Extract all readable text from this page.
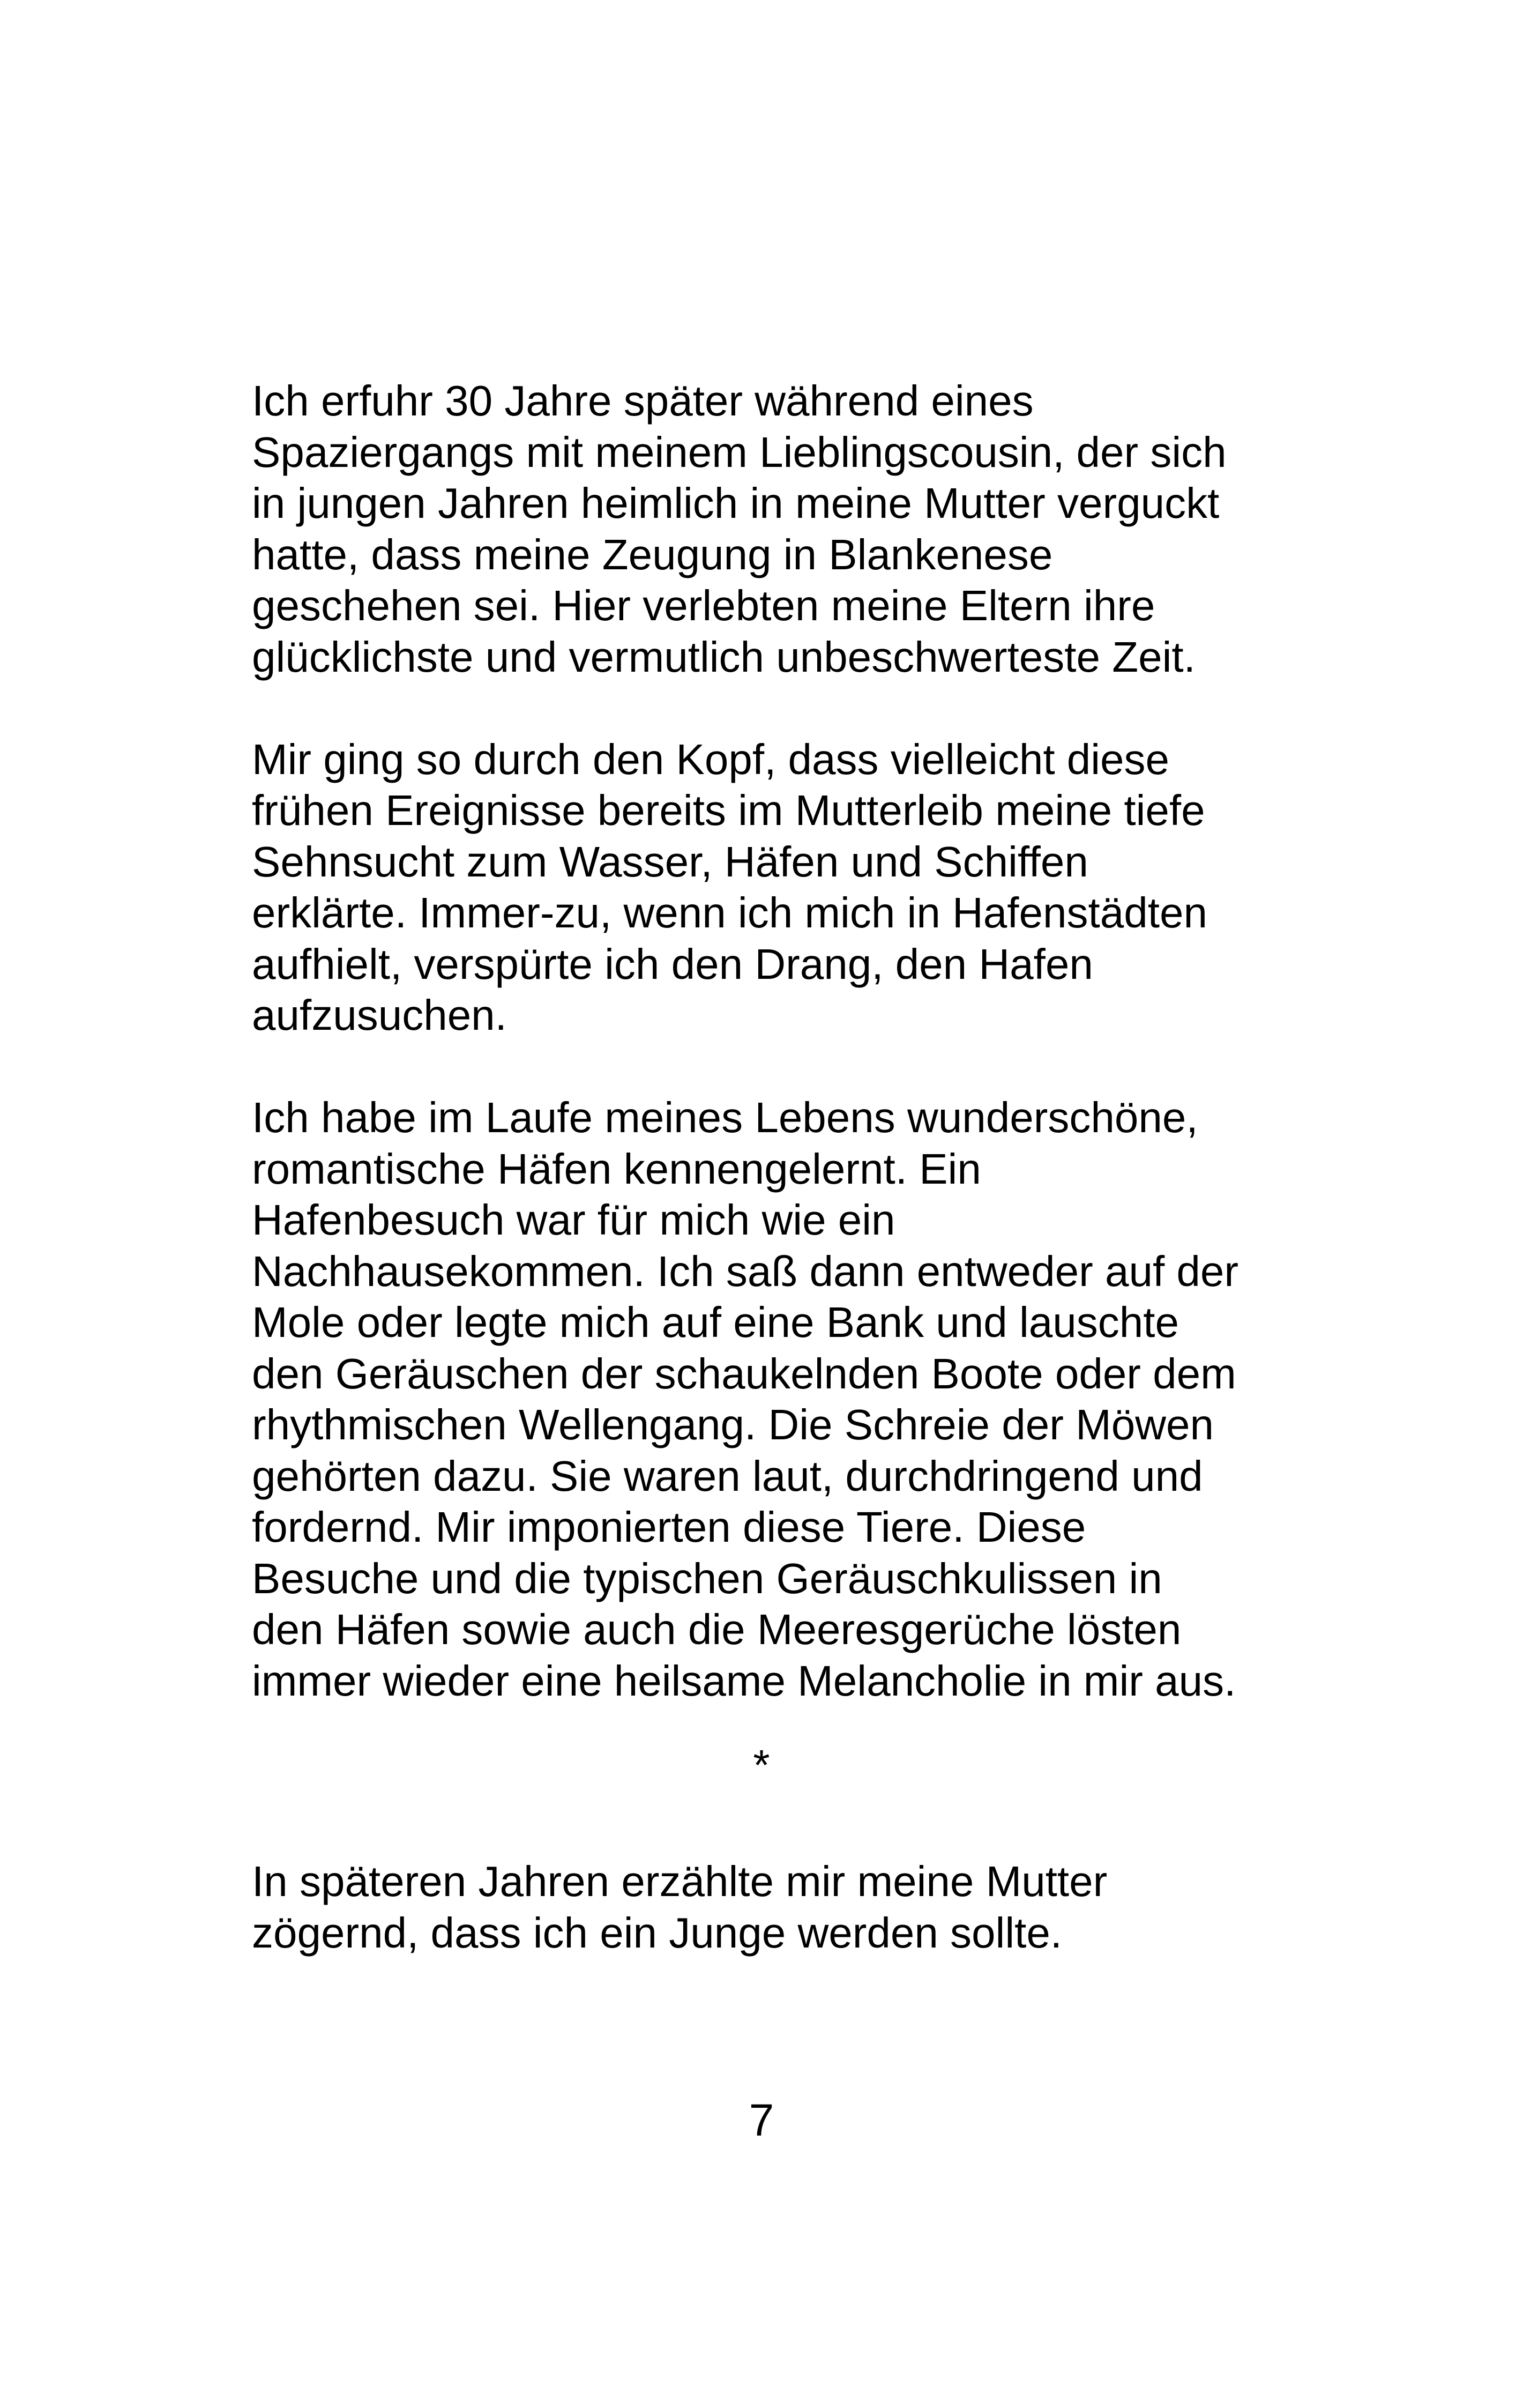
Ich erfuhr 30 Jahre später während eines
Spaziergangs mit meinem Lieblingscousin, der sich
in jungen Jahren heimlich in meine Mutter verguckt
hatte, dass meine Zeugung in Blankenese
geschehen sei. Hier verlebten meine Eltern ihre
glücklichste und vermutlich unbeschwerteste Zeit.

Mir ging so durch den Kopf, dass vielleicht diese
frühen Ereignisse bereits im Mutterleib meine tiefe
Sehnsucht zum Wasser, Häfen und Schiffen
erklärte. Immer-zu, wenn ich mich in Hafenstädten
aufhielt, verspürte ich den Drang, den Hafen
aufzusuchen.

Ich habe im Laufe meines Lebens wunderschöne,
romantische Häfen kennengelernt. Ein
Hafenbesuch war für mich wie ein
Nachhausekommen. Ich saß dann entweder auf der
Mole oder legte mich auf eine Bank und lauschte
den Geräuschen der schaukelnden Boote oder dem
rhythmischen Wellengang. Die Schreie der Möwen
gehörten dazu. Sie waren laut, durchdringend und
fordernd. Mir imponierten diese Tiere. Diese
Besuche und die typischen Geräuschkulissen in
den Häfen sowie auch die Meeresgerüche lösten
immer wieder eine heilsame Melancholie in mir aus.

*

In späteren Jahren erzählte mir meine Mutter
zögernd, dass ich ein Junge werden sollte.

7
